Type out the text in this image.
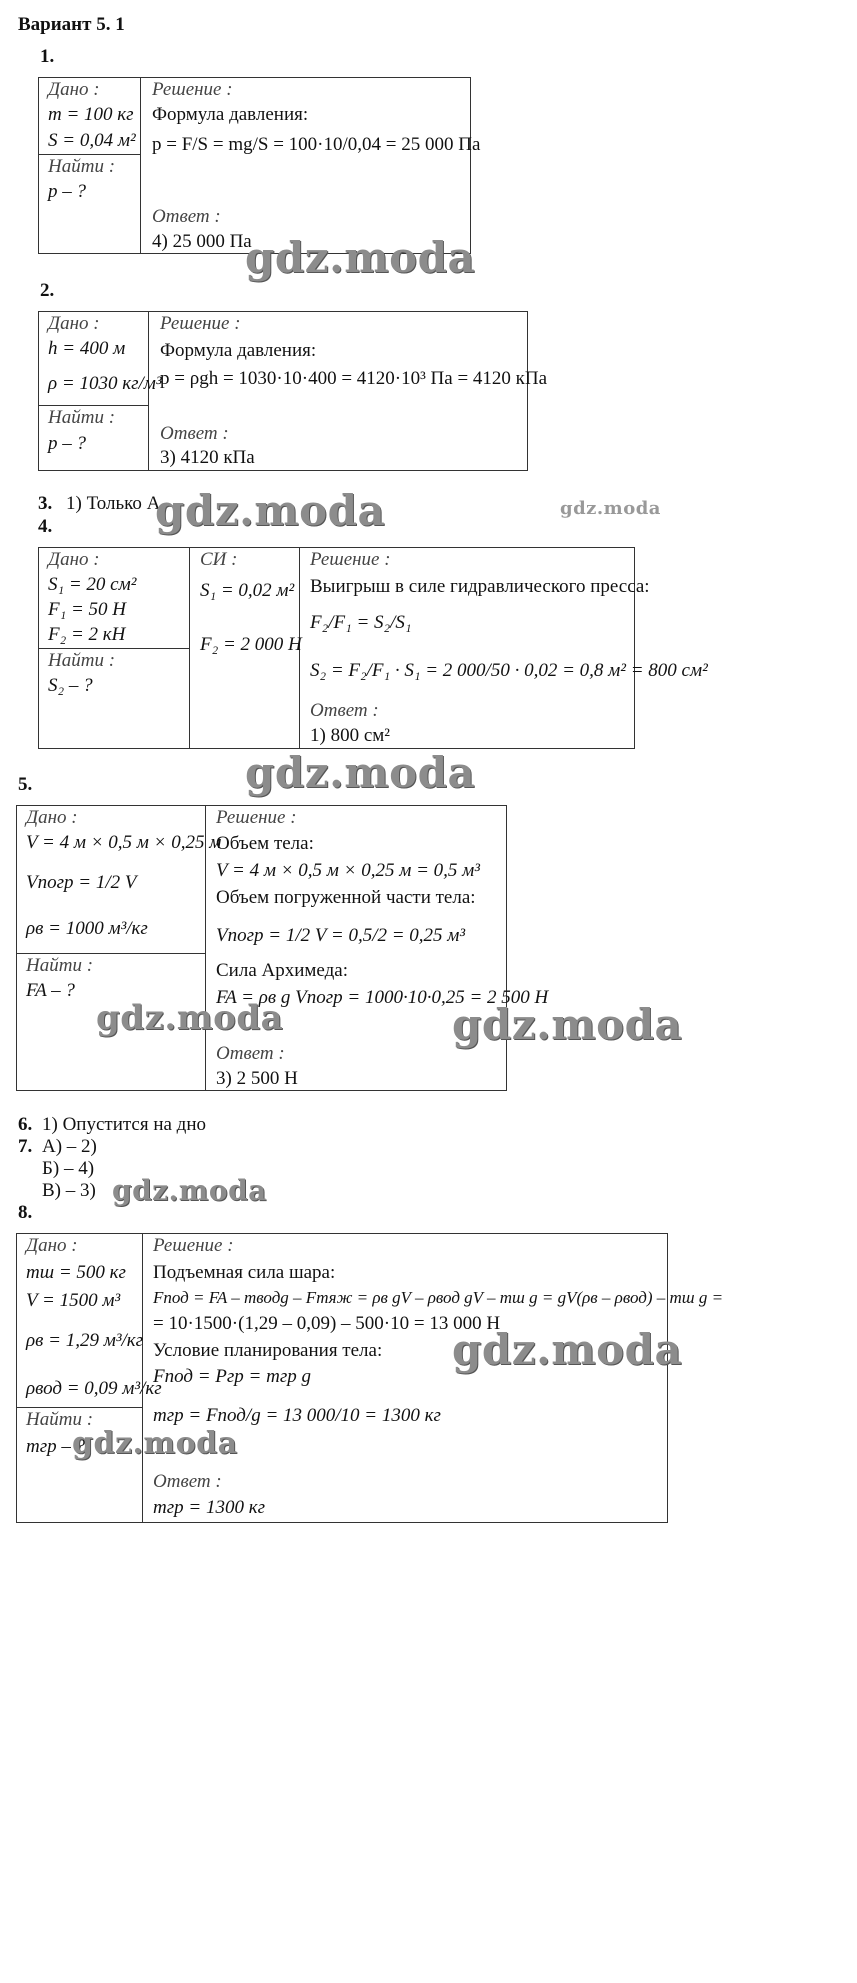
Вариант 5. 1
1.
Дано :
m = 100 кг
S = 0,04 м²
Найти :
p – ?
Решение :
Формула давления:
p = F/S = mg/S = 100·10/0,04 = 25 000 Па
Ответ :
4) 25 000 Па
gdz.moda
2.
Дано :
h = 400 м
ρ = 1030 кг/м³
Найти :
p – ?
Решение :
Формула давления:
p = ρgh = 1030·10·400 = 4120·10³ Па = 4120 кПа
Ответ :
3) 4120 кПа
3. 1) Только А
gdz.moda	gdz.moda
4.
Дано :
S₁ = 20 см²
F₁ = 50 Н
F₂ = 2 кН
Найти :
S₂ – ?
СИ :
S₁ = 0,02 м²
F₂ = 2 000 Н
Решение :
Выигрыш в силе гидравлического пресса:
F₂/F₁ = S₂/S₁
S₂ = F₂/F₁ · S₁ = 2 000/50 · 0,02 = 0,8 м² = 800 см²
Ответ :
1) 800 см²
gdz.moda
5.
Дано :
V = 4 м × 0,5 м × 0,25 м
Vпогр = 1/2 V
ρв = 1000 м³/кг
Найти :
FA – ?
Решение :
Объем тела:
V = 4 м × 0,5 м × 0,25 м = 0,5 м³
Объем погруженной части тела:
Vпогр = 1/2 V = 0,5/2 = 0,25 м³
Сила Архимеда:
FA = ρв g Vпогр = 1000·10·0,25 = 2 500 Н
Ответ :
3) 2 500 Н
gdz.moda	gdz.moda
6. 1) Опустится на дно
7. А) – 2)
Б) – 4)
В) – 3) gdz.moda
8.
Дано :
mш = 500 кг
V = 1500 м³
ρв = 1,29 м³/кг
ρвод = 0,09 м³/кг
Найти :
mгр – ?
Решение :
Подъемная сила шара:
Fпод = FA – mводg – Fтяж = ρв gV – ρвод gV – mш g = gV(ρв – ρвод) – mш g =
= 10·1500·(1,29 – 0,09) – 500·10 = 13 000 Н
Условие планирования тела:
Fпод = Pгр = mгр g
mгр = Fпод/g = 13 000/10 = 1300 кг
Ответ :
mгр = 1300 кг
gdz.moda
gdz.moda
